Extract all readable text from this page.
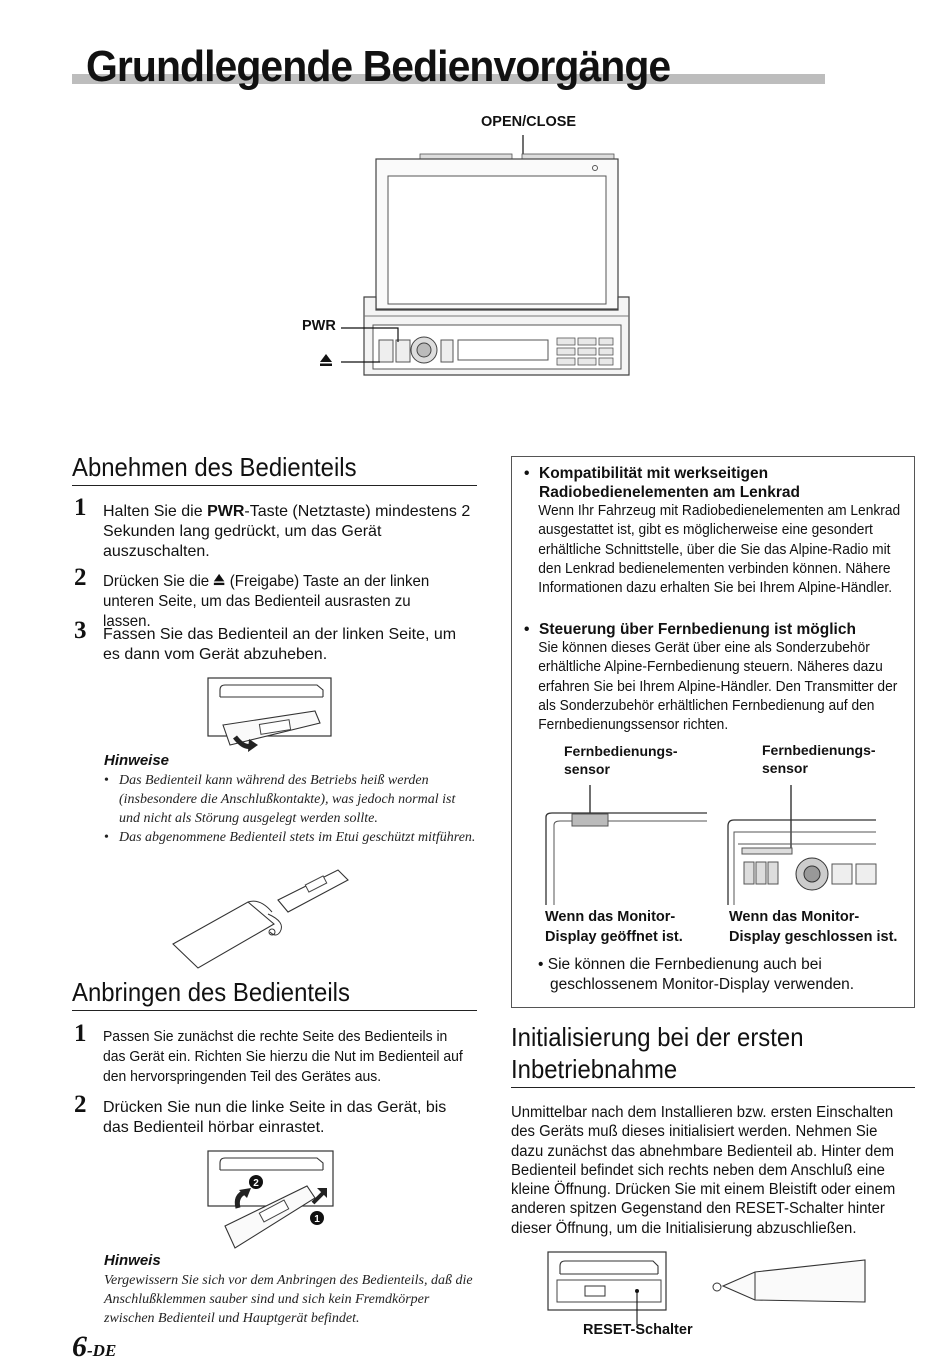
Grundlegende Bedienvorgänge
OPEN/CLOSE
PWR
Abnehmen des Bedienteils
1 Halten Sie die PWR-Taste (Netztaste) mindestens 2 Sekunden lang gedrückt, um das Gerät auszuschalten.
2 Drücken Sie die  (Freigabe) Taste an der linken unteren Seite, um das Bedienteil ausrasten zu lassen.
3 Fassen Sie das Bedienteil an der linken Seite, um es dann vom Gerät abzuheben.
Hinweise
• Das Bedienteil kann während des Betriebs heiß werden (insbesondere die Anschlußkontakte), was jedoch normal ist und nicht als Störung ausgelegt werden sollte.
• Das abgenommene Bedienteil stets im Etui geschützt mitführen.
Anbringen des Bedienteils
1 Passen Sie zunächst die rechte Seite des Bedienteils in das Gerät ein. Richten Sie hierzu die Nut im Bedienteil auf den hervorspringenden Teil des Gerätes aus.
2 Drücken Sie nun die linke Seite in das Gerät, bis das Bedienteil hörbar einrastet.
2
1
Hinweis
Vergewissern Sie sich vor dem Anbringen des Bedienteils, daß die Anschlußklemmen sauber sind und sich kein Fremdkörper zwischen Bedienteil und Hauptgerät befindet.
6-DE
• Kompatibilität mit werkseitigen Radiobedienelementen am Lenkrad
Wenn Ihr Fahrzeug mit Radiobedienelementen am Lenkrad ausgestattet ist, gibt es möglicherweise eine gesondert erhältliche Schnittstelle, über die Sie das Alpine-Radio mit den Lenkrad bedienelementen verbinden können. Nähere Informationen dazu erhalten Sie bei Ihrem Alpine-Händler.
• Steuerung über Fernbedienung ist möglich
Sie können dieses Gerät über eine als Sonderzubehör erhältliche Alpine-Fernbedienung steuern. Näheres dazu erfahren Sie bei Ihrem Alpine-Händler. Den Transmitter der als Sonderzubehör erhältlichen Fernbedienung auf den Fernbedienungssensor richten.
Fernbedienungs-
sensor
Fernbedienungs-
sensor
Wenn das Monitor-
Display geöffnet ist.
Wenn das Monitor-
Display geschlossen ist.
• Sie können die Fernbedienung auch bei geschlossenem Monitor-Display verwenden.
Initialisierung bei der ersten
Inbetriebnahme
Unmittelbar nach dem Installieren bzw. ersten Einschalten des Geräts muß dieses initialisiert werden. Nehmen Sie dazu zunächst das abnehmbare Bedienteil ab. Hinter dem Bedienteil befindet sich rechts neben dem Anschluß eine kleine Öffnung. Drücken Sie mit einem Bleistift oder einem anderen spitzen Gegenstand den RESET-Schalter hinter dieser Öffnung, um die Initialisierung abzuschließen.
RESET-Schalter
